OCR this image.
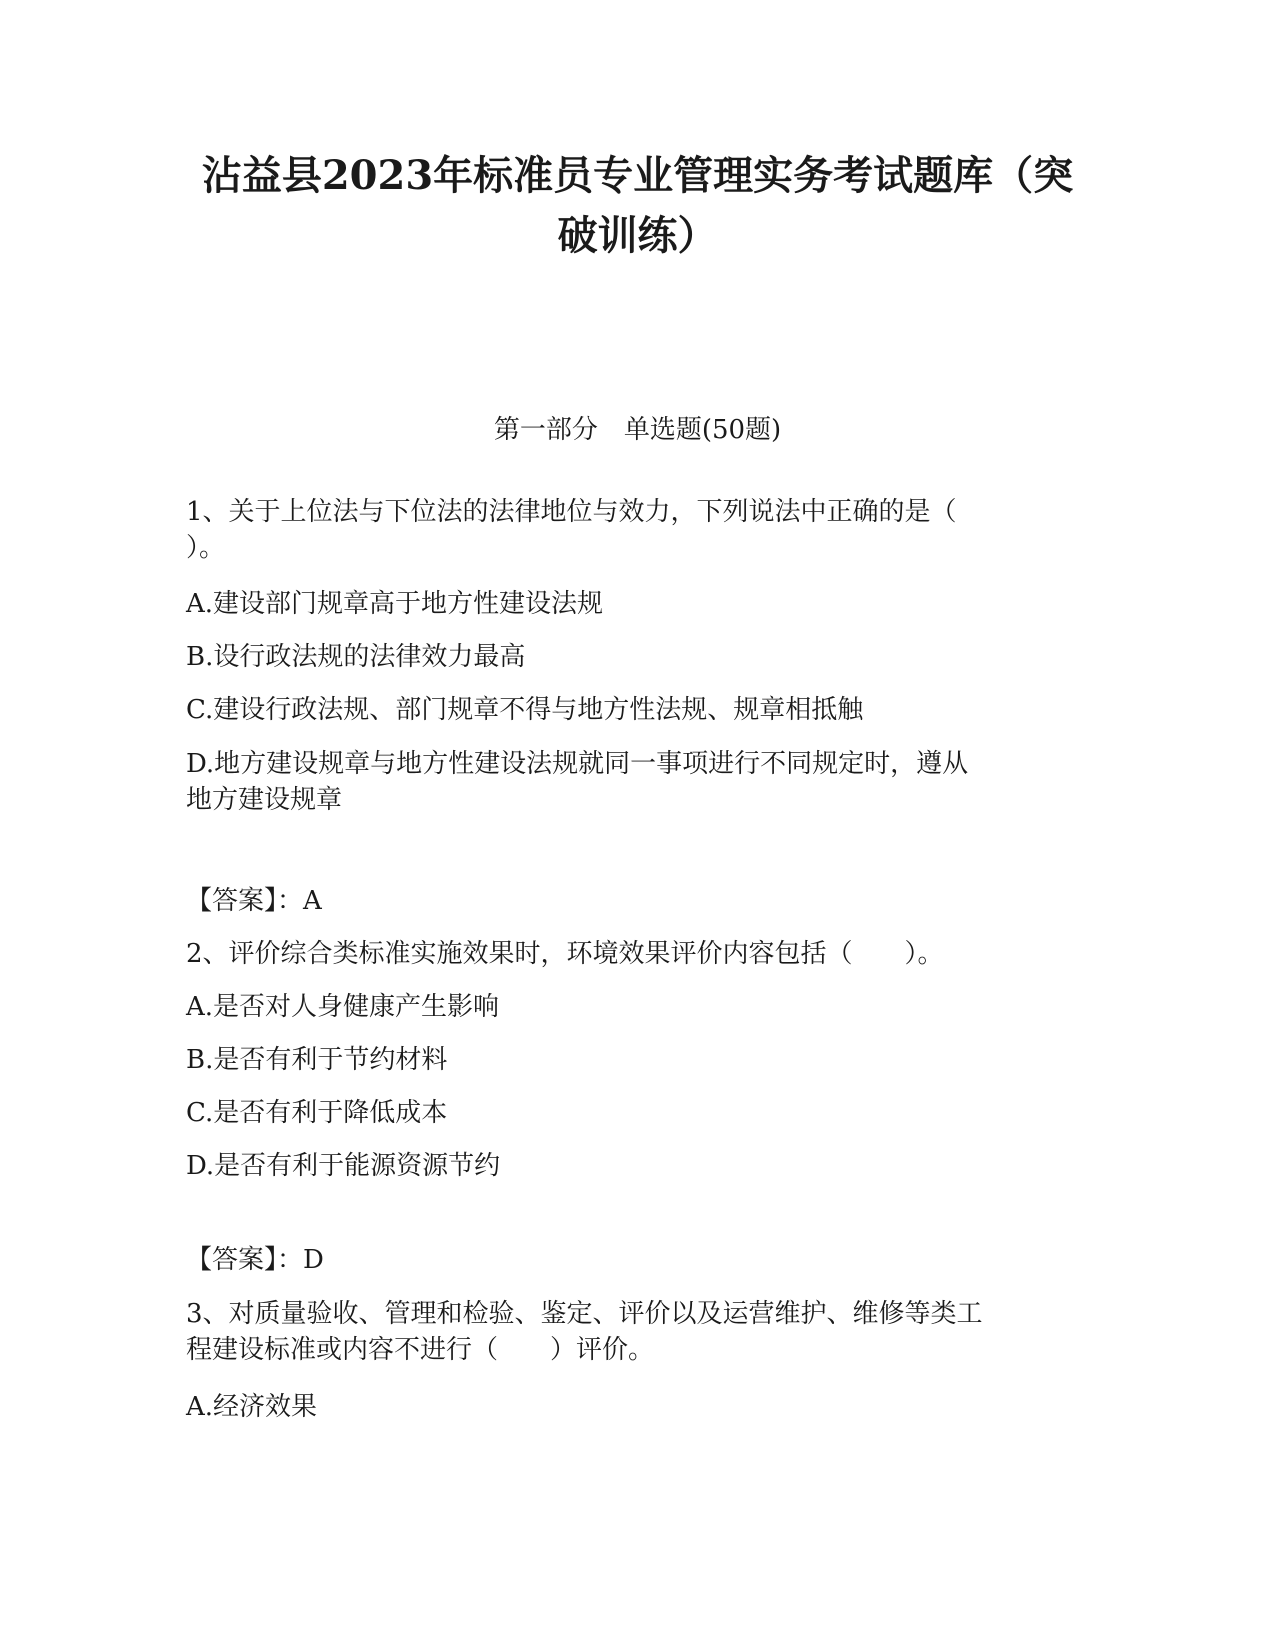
沾益县2023年标准员专业管理实务考试题库（突
破训练）
第一部分　单选题(50题)
1、关于上位法与下位法的法律地位与效力，下列说法中正确的是（
）。
A.建设部门规章高于地方性建设法规
B.设行政法规的法律效力最高
C.建设行政法规、部门规章不得与地方性法规、规章相抵触
D.地方建设规章与地方性建设法规就同一事项进行不同规定时，遵从
地方建设规章
【答案】：A
2、评价综合类标准实施效果时，环境效果评价内容包括（　　）。
A.是否对人身健康产生影响
B.是否有利于节约材料
C.是否有利于降低成本
D.是否有利于能源资源节约
【答案】：D
3、对质量验收、管理和检验、鉴定、评价以及运营维护、维修等类工
程建设标准或内容不进行（　　）评价。
A.经济效果
